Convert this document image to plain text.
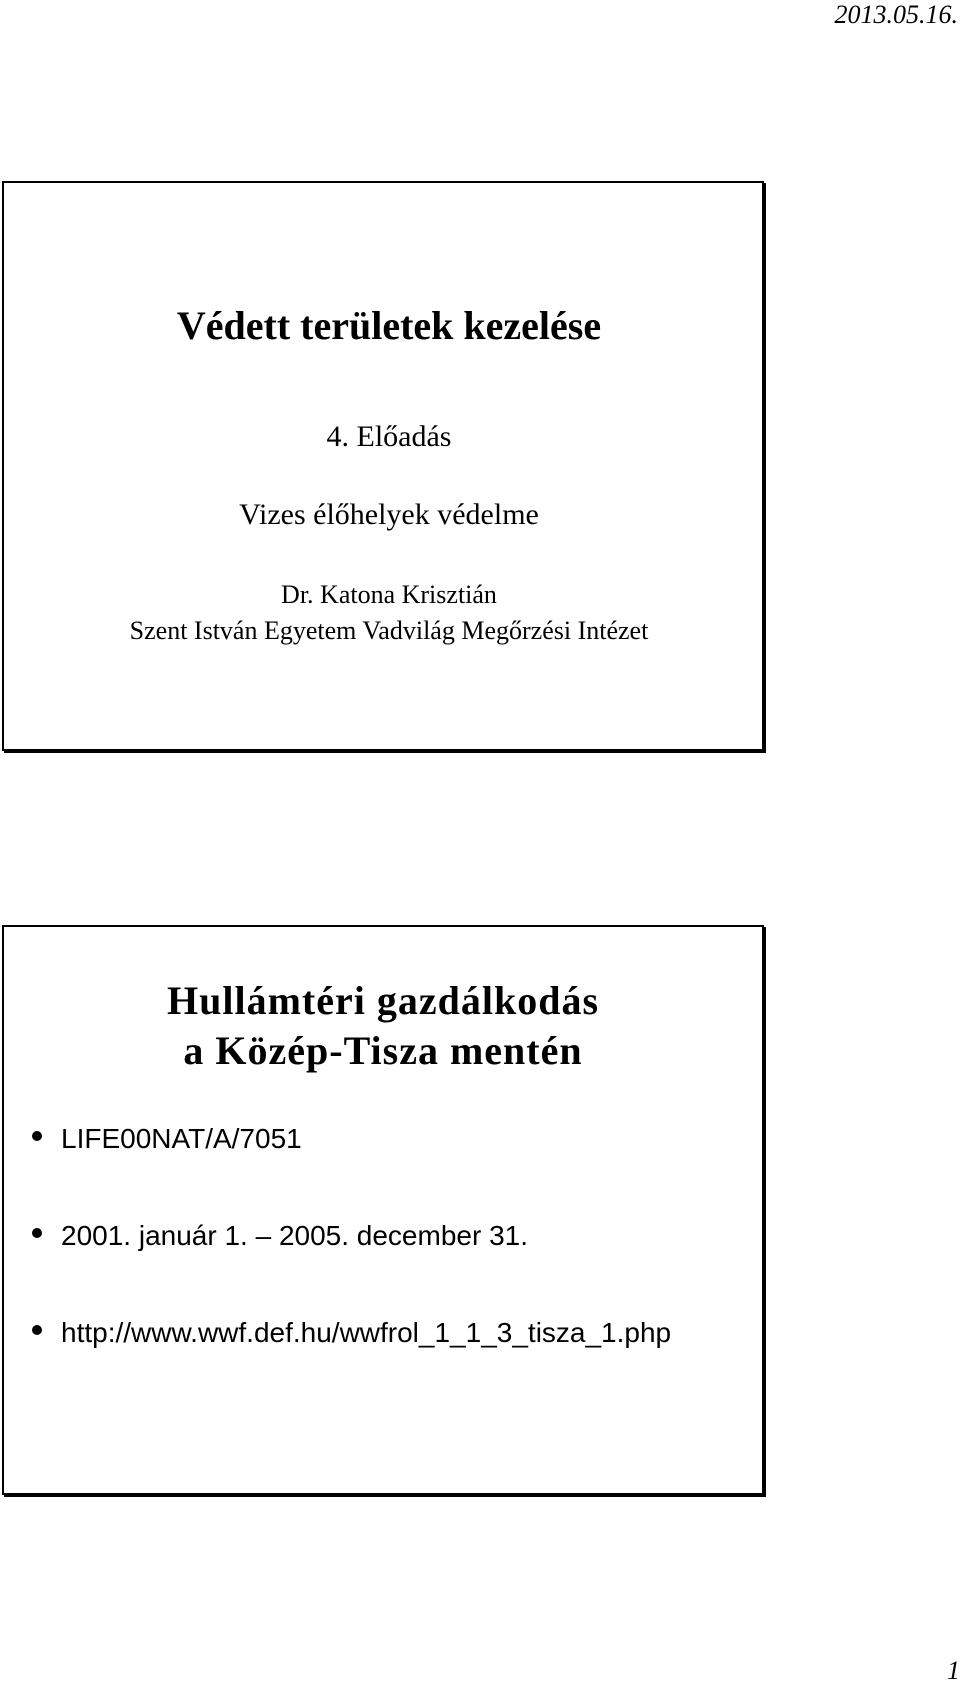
2013.05.16.
Védett területek kezelése
4. Előadás
Vizes élőhelyek védelme
Dr. Katona Krisztián
Szent István Egyetem Vadvilág Megőrzési Intézet
Hullámtéri gazdálkodás
a Közép-Tisza mentén
LIFE00NAT/A/7051
2001. január 1. – 2005. december 31.
http://www.wwf.def.hu/wwfrol_1_1_3_tisza_1.php
1
